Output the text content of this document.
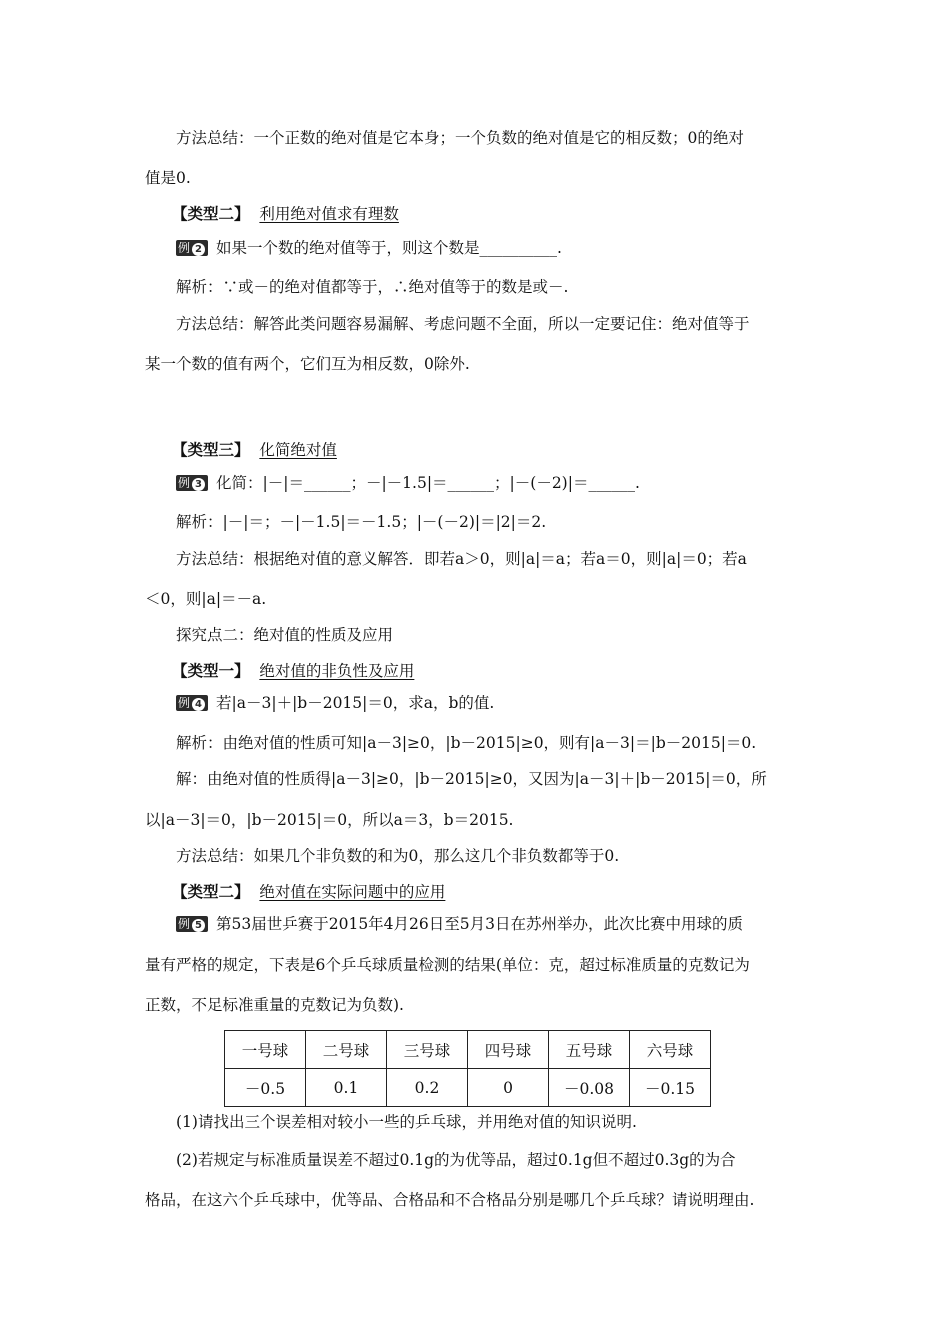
方法总结：一个正数的绝对值是它本身；一个负数的绝对值是它的相反数；0的绝对
值是0.
【类型二】 利用绝对值求有理数
例 2 如果一个数的绝对值等于，则这个数是__________.
解析：∵或－的绝对值都等于，∴绝对值等于的数是或－.
方法总结：解答此类问题容易漏解、考虑问题不全面，所以一定要记住：绝对值等于
某一个数的值有两个，它们互为相反数，0除外.
【类型三】 化简绝对值
例 3 化简：|－|＝______；－|－1.5|＝______；|－(－2)|＝______.
解析：|－|＝；－|－1.5|＝－1.5；|－(－2)|＝|2|＝2.
方法总结：根据绝对值的意义解答．即若a＞0，则|a|＝a；若a＝0，则|a|＝0；若a
＜0，则|a|＝－a.
探究点二：绝对值的性质及应用
【类型一】 绝对值的非负性及应用
例 4 若|a－3|＋|b－2015|＝0，求a，b的值.
解析：由绝对值的性质可知|a－3|≥0，|b－2015|≥0，则有|a－3|＝|b－2015|＝0.
解：由绝对值的性质得|a－3|≥0，|b－2015|≥0，又因为|a－3|＋|b－2015|＝0，所
以|a－3|＝0，|b－2015|＝0，所以a＝3，b＝2015.
方法总结：如果几个非负数的和为0，那么这几个非负数都等于0.
【类型二】 绝对值在实际问题中的应用
例 5 第53届世乒赛于2015年4月26日至5月3日在苏州举办，此次比赛中用球的质
量有严格的规定，下表是6个乒乓球质量检测的结果(单位：克，超过标准质量的克数记为
正数，不足标准重量的克数记为负数).
一号球	二号球	三号球	四号球	五号球	六号球
－0.5	0.1	0.2	0	－0.08	－0.15
(1)请找出三个误差相对较小一些的乒乓球，并用绝对值的知识说明.
(2)若规定与标准质量误差不超过0.1g的为优等品，超过0.1g但不超过0.3g的为合
格品，在这六个乒乓球中，优等品、合格品和不合格品分别是哪几个乒乓球？请说明理由.
